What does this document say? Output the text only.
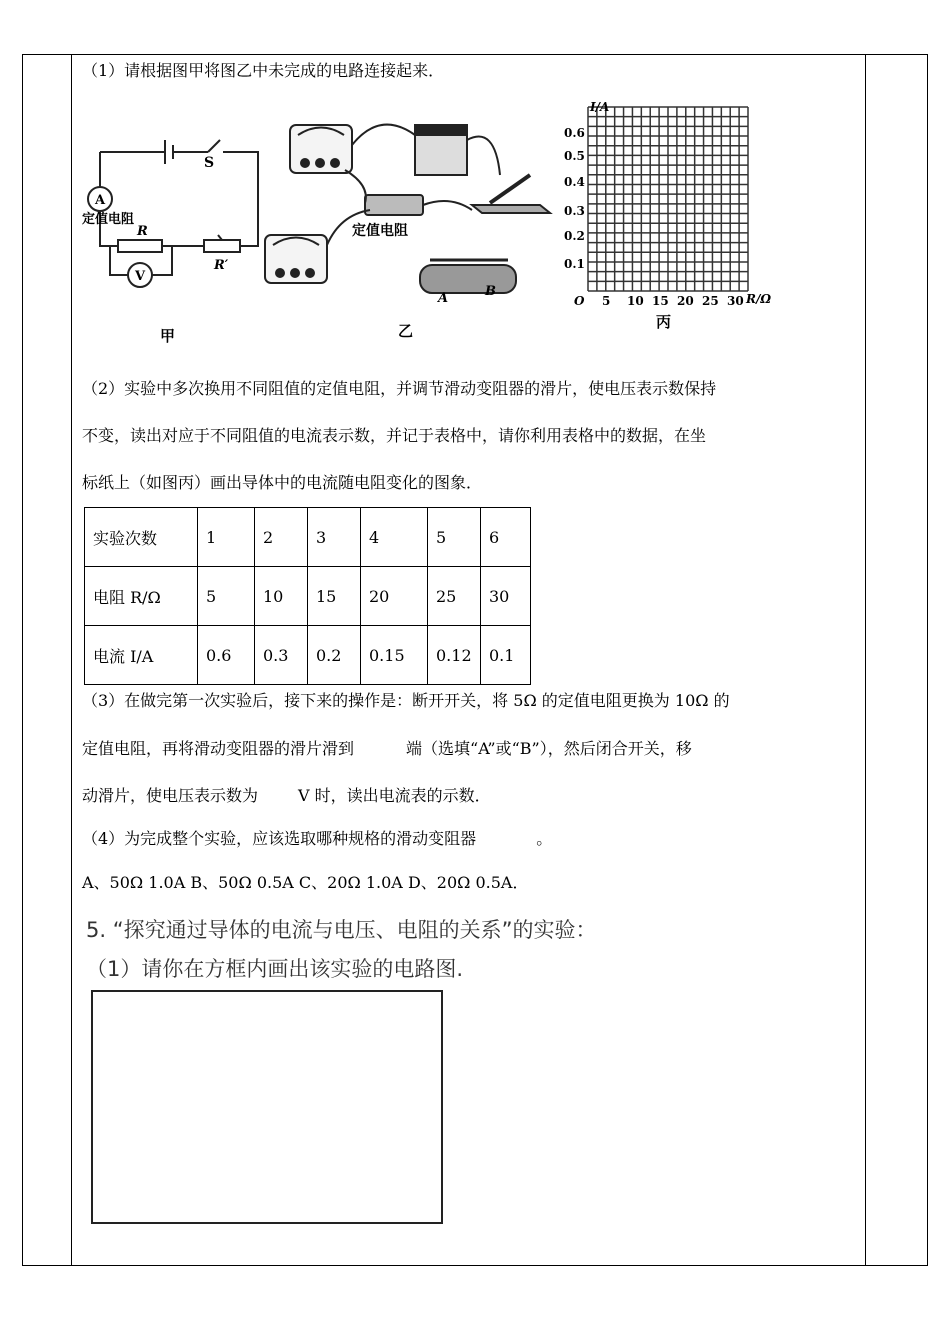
（1）请根据图甲将图乙中未完成的电路连接起来．
S
A
定值电阻
R
R′
V
甲
定值电阻
A	B
乙
I/A
R/Ω
O
0.6
0.5
0.4
0.3
0.2
0.1
5 10 15 20 25 30
丙
（2）实验中多次换用不同阻值的定值电阻，并调节滑动变阻器的滑片，使电压表示数保持
不变，读出对应于不同阻值的电流表示数，并记于表格中，请你利用表格中的数据，在坐
标纸上（如图丙）画出导体中的电流随电阻变化的图象．
实验次数	1	2	3	4	5	6
电阻 R/Ω	5	10	15	20	25	30
电流 I/A	0.6	0.3	0.2	0.15	0.12	0.1
（3）在做完第一次实验后，接下来的操作是：断开开关，将 5Ω 的定值电阻更换为 10Ω 的
定值电阻，再将滑动变阻器的滑片滑到	端（选填“A”或“B”），然后闭合开关，移
动滑片，使电压表示数为	V 时，读出电流表的示数．
（4）为完成整个实验，应该选取哪种规格的滑动变阻器	。
A、50Ω 1.0A B、50Ω 0.5A C、20Ω 1.0A D、20Ω 0.5A．
5. “探究通过导体的电流与电压、电阻的关系”的实验：
（1）请你在方框内画出该实验的电路图.
